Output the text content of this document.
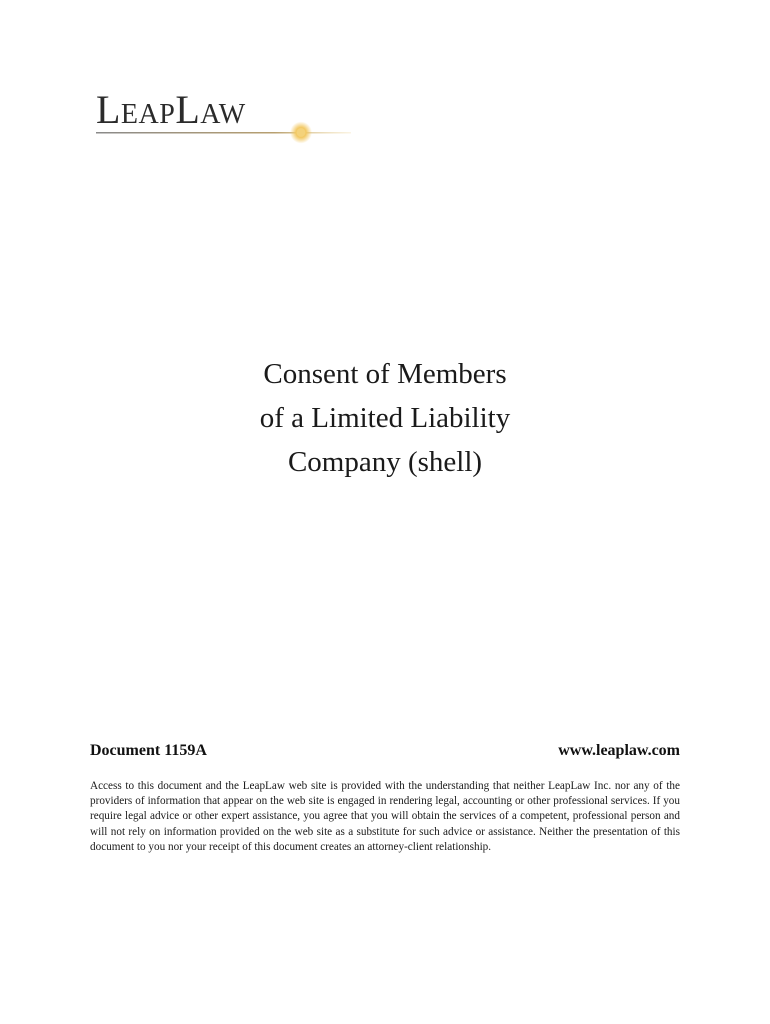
LeapLaw
Consent of Members
of a Limited Liability
Company (shell)
Document 1159A	www.leaplaw.com
Access to this document and the LeapLaw web site is provided with the understanding that neither LeapLaw Inc. nor any of the providers of information that appear on the web site is engaged in rendering legal, accounting or other professional services. If you require legal advice or other expert assistance, you agree that you will obtain the services of a competent, professional person and will not rely on information provided on the web site as a substitute for such advice or assistance. Neither the presentation of this document to you nor your receipt of this document creates an attorney-client relationship.
